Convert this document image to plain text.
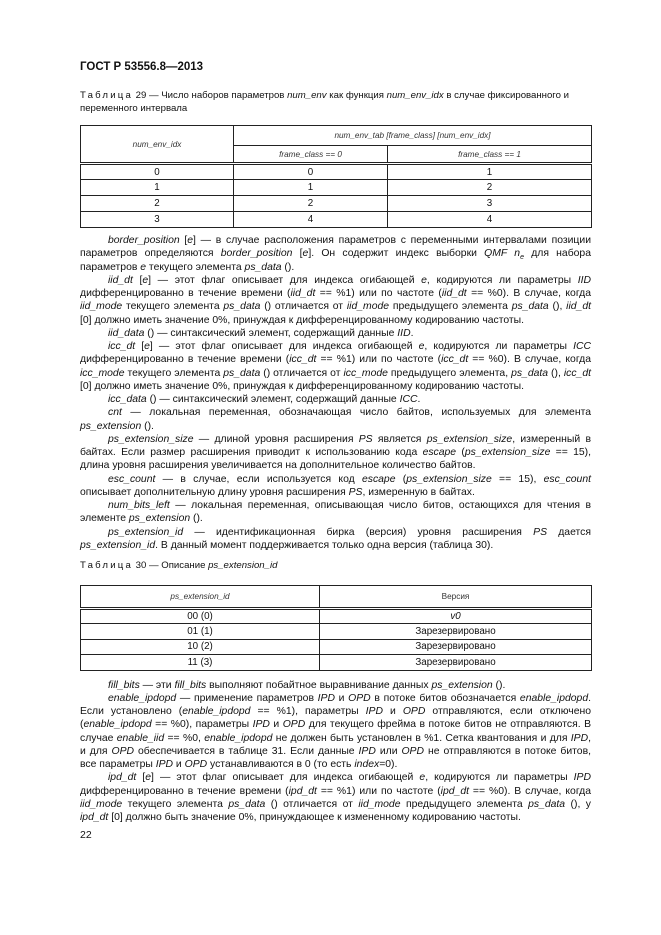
ГОСТ Р 53556.8—2013
Таблица 29 — Число наборов параметров num_env как функция num_env_idx в случае фиксированного и переменного интервала
num_env_idx	num_env_tab [frame_class] [num_env_idx]	
	frame_class == 0	frame_class == 1
0	0	1
1	1	2
2	2	3
3	4	4

border_position [e] — в случае расположения параметров с переменными интервалами позиции параметров определяются border_position [e]. Он содержит индекс выборки QMF $n_e$ для набора параметров e текущего элемента ps_data ().

iid_dt [e] — этот флаг описывает для индекса огибающей e, кодируются ли параметры IID дифференцированно в течение времени (iid_dt == %1) или по частоте (iid_dt == %0). В случае, когда iid_mode текущего элемента ps_data () отличается от iid_mode предыдущего элемента ps_data (), iid_dt [0] должно иметь значение 0%, принуждая к дифференцированному кодированию частоты.

iid_data () — синтаксический элемент, содержащий данные IID.

icc_dt [e] — этот флаг описывает для индекса огибающей e, кодируются ли параметры ICC дифференцированно в течение времени (icc_dt == %1) или по частоте (icc_dt == %0). В случае, когда icc_mode текущего элемента ps_data () отличается от icc_mode предыдущего элемента, ps_data (), icc_dt [0] должно иметь значение 0%, принуждая к дифференцированному кодированию частоты.

icc_data () — синтаксический элемент, содержащий данные ICC.

cnt — локальная переменная, обозначающая число байтов, используемых для элемента ps_extension ().

ps_extension_size — длиной уровня расширения PS является ps_extension_size, измеренный в байтах. Если размер расширения приводит к использованию кода escape (ps_extension_size == 15), длина уровня расширения увеличивается на дополнительное количество байтов.

esc_count — в случае, если используется код escape (ps_extension_size == 15), esc_count описывает дополнительную длину уровня расширения PS, измеренную в байтах.

num_bits_left — локальная переменная, описывающая число битов, остающихся для чтения в элементе ps_extension ().

ps_extension_id — идентификационная бирка (версия) уровня расширения PS дается ps_extension_id. В данный момент поддерживается только одна версия (таблица 30).

Таблица 30 — Описание ps_extension_id
ps_extension_id	Версия
00 (0)	v0
01 (1)	Зарезервировано
10 (2)	Зарезервировано
11 (3)	Зарезервировано

fill_bits — эти fill_bits выполняют побайтное выравнивание данных ps_extension ().

enable_ipdopd — применение параметров IPD и OPD в потоке битов обозначается enable_ipdopd. Если установлено (enable_ipdopd == %1), параметры IPD и OPD отправляются, если отключено (enable_ipdopd == %0), параметры IPD и OPD для текущего фрейма в потоке битов не отправляются. В случае enable_iid == %0, enable_ipdopd не должен быть установлен в %1. Сетка квантования и для IPD, и для OPD обеспечивается в таблице 31. Если данные IPD или OPD не отправляются в потоке битов, все параметры IPD и OPD устанавливаются в 0 (то есть index=0).

ipd_dt [e] — этот флаг описывает для индекса огибающей e, кодируются ли параметры IPD дифференцированно в течение времени (ipd_dt == %1) или по частоте (ipd_dt == %0). В случае, когда iid_mode текущего элемента ps_data () отличается от iid_mode предыдущего элемента ps_data (), у ipd_dt [0] должно быть значение 0%, принуждающее к измененному кодированию частоты.

22
